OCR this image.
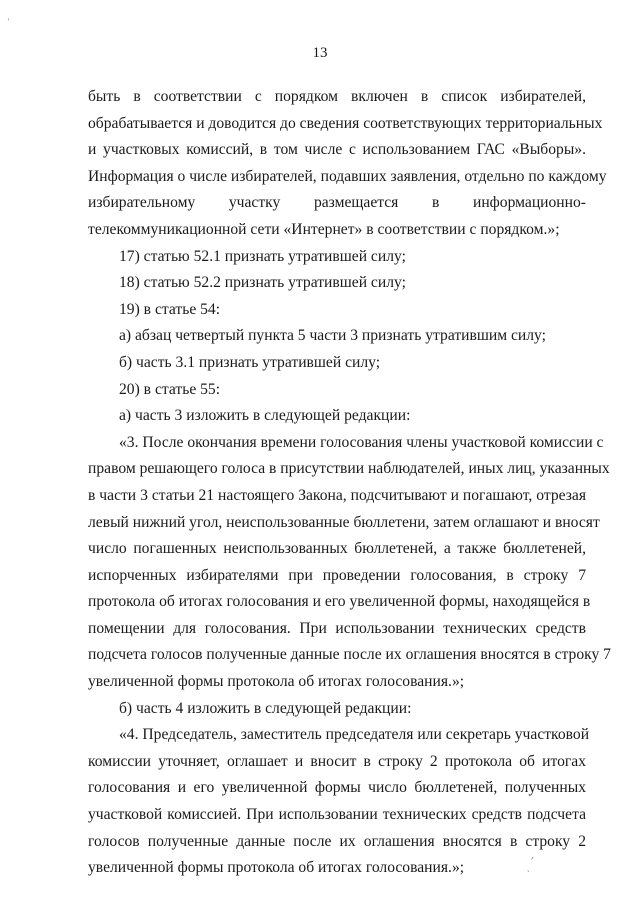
13
быть в соответствии с порядком включен в список избирателей,
обрабатывается и доводится до сведения соответствующих территориальных
и участковых комиссий, в том числе с использованием ГАС «Выборы».
Информация о числе избирателей, подавших заявления, отдельно по каждому
избирательному участку размещается в информационно-
телекоммуникационной сети «Интернет» в соответствии с порядком.»;
17) статью 52.1 признать утратившей силу;
18) статью 52.2 признать утратившей силу;
19) в статье 54:
а) абзац четвертый пункта 5 части 3 признать утратившим силу;
б) часть 3.1 признать утратившей силу;
20) в статье 55:
а) часть 3 изложить в следующей редакции:
«3. После окончания времени голосования члены участковой комиссии с
правом решающего голоса в присутствии наблюдателей, иных лиц, указанных
в части 3 статьи 21 настоящего Закона, подсчитывают и погашают, отрезая
левый нижний угол, неиспользованные бюллетени, затем оглашают и вносят
число погашенных неиспользованных бюллетеней, а также бюллетеней,
испорченных избирателями при проведении голосования, в строку 7
протокола об итогах голосования и его увеличенной формы, находящейся в
помещении для голосования. При использовании технических средств
подсчета голосов полученные данные после их оглашения вносятся в строку 7
увеличенной формы протокола об итогах голосования.»;
б) часть 4 изложить в следующей редакции:
«4. Председатель, заместитель председателя или секретарь участковой
комиссии уточняет, оглашает и вносит в строку 2 протокола об итогах
голосования и его увеличенной формы число бюллетеней, полученных
участковой комиссией. При использовании технических средств подсчета
голосов полученные данные после их оглашения вносятся в строку 2
увеличенной формы протокола об итогах голосования.»;
ˈ
ˌ ˊ
